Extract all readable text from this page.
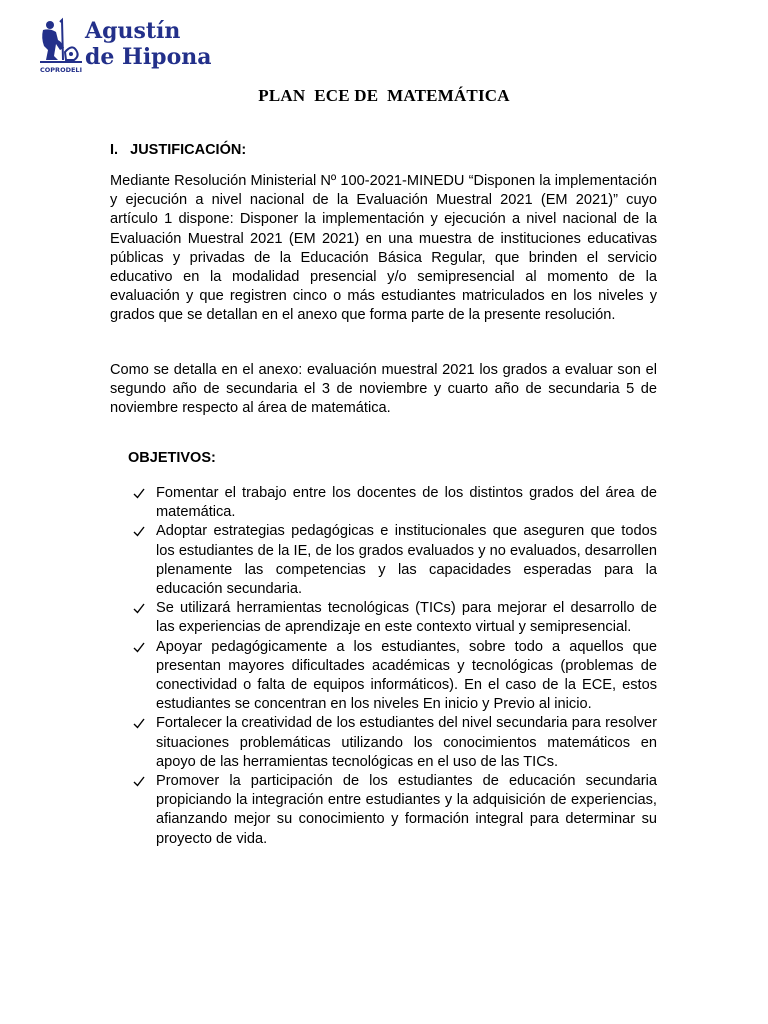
COPRODELI
Agustín
de Hipona
PLAN  ECE DE  MATEMÁTICA
I.   JUSTIFICACIÓN:

Mediante Resolución Ministerial Nº 100-2021-MINEDU “Disponen la implementación y ejecución a nivel nacional de la Evaluación Muestral 2021 (EM 2021)” cuyo artículo 1 dispone: Disponer la implementación y ejecución a nivel nacional de la Evaluación Muestral 2021 (EM 2021) en una muestra de instituciones educativas públicas y privadas de la Educación Básica Regular, que brinden el servicio educativo en la modalidad presencial y/o semipresencial al momento de la evaluación y que registren cinco o más estudiantes matriculados en los niveles y grados que se detallan en el anexo que forma parte de la presente resolución.

Como se detalla en el anexo: evaluación muestral 2021 los grados a evaluar son el segundo año de secundaria el 3 de noviembre y cuarto año de secundaria 5 de noviembre respecto al área de matemática.

OBJETIVOS:
Fomentar el trabajo entre los docentes de los distintos grados del área de matemática.
Adoptar estrategias pedagógicas e institucionales que aseguren que todos los estudiantes de la IE, de los grados evaluados y no evaluados, desarrollen plenamente las competencias y las capacidades esperadas para la educación secundaria.
Se utilizará herramientas tecnológicas (TICs) para mejorar el desarrollo de las experiencias de aprendizaje en este contexto virtual y semipresencial.
Apoyar pedagógicamente a los estudiantes, sobre todo a aquellos que presentan mayores dificultades académicas y tecnológicas (problemas de conectividad o falta de equipos informáticos). En el caso de la ECE, estos estudiantes se concentran en los niveles En inicio y Previo al inicio.
Fortalecer la creatividad de los estudiantes del nivel secundaria para resolver situaciones problemáticas utilizando los conocimientos matemáticos en apoyo de las herramientas tecnológicas en el uso de las TICs.
Promover la participación de los estudiantes de educación secundaria propiciando la integración entre estudiantes y la adquisición de experiencias, afianzando mejor su conocimiento y formación integral para determinar su proyecto de vida.
